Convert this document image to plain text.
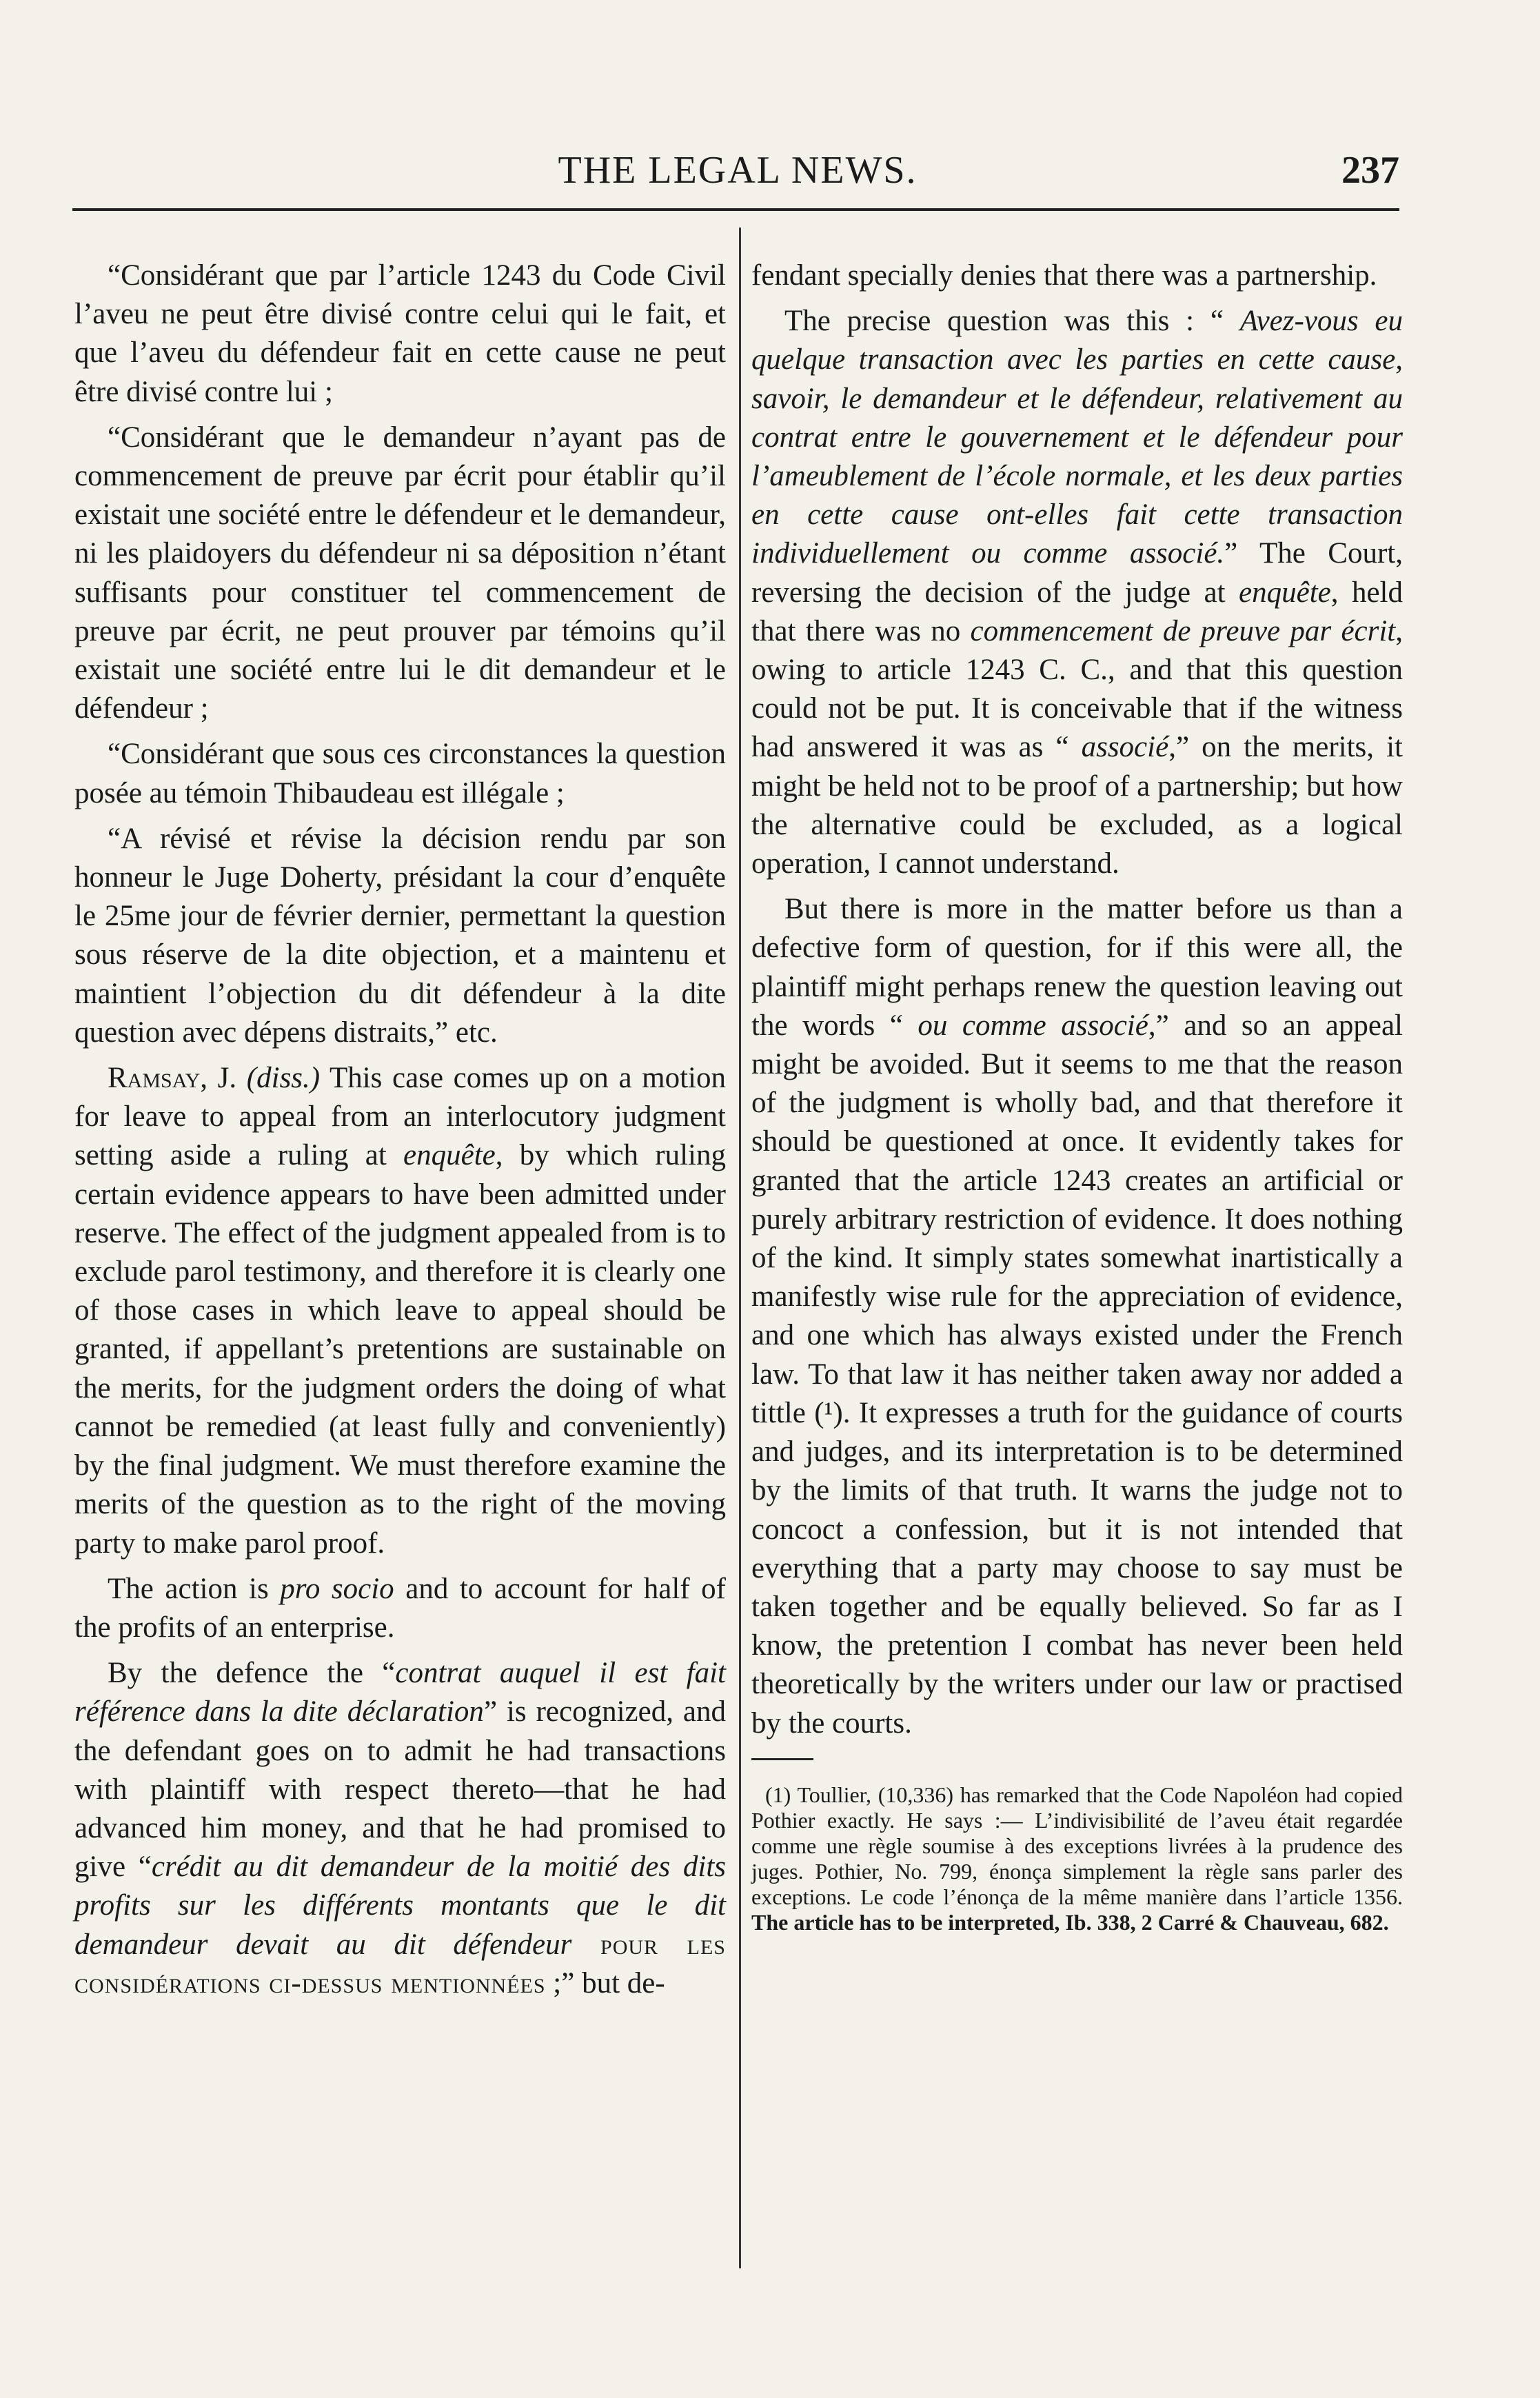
THE LEGAL NEWS.	237

“Considérant que par l’article 1243 du Code Civil l’aveu ne peut être divisé contre celui qui le fait, et que l’aveu du défendeur fait en cette cause ne peut être divisé contre lui ;

“Considérant que le demandeur n’ayant pas de commencement de preuve par écrit pour établir qu’il existait une société entre le défendeur et le demandeur, ni les plaidoyers du défendeur ni sa déposition n’étant suffisants pour constituer tel commencement de preuve par écrit, ne peut prouver par témoins qu’il existait une société entre lui le dit demandeur et le défendeur ;

“Considérant que sous ces circonstances la question posée au témoin Thibaudeau est illégale ;

“A révisé et révise la décision rendu par son honneur le Juge Doherty, présidant la cour d’enquête le 25me jour de février dernier, permettant la question sous réserve de la dite objection, et a maintenu et maintient l’objection du dit défendeur à la dite question avec dépens distraits,” etc.

Ramsay, J. (diss.) This case comes up on a motion for leave to appeal from an interlocutory judgment setting aside a ruling at enquête, by which ruling certain evidence appears to have been admitted under reserve. The effect of the judgment appealed from is to exclude parol testimony, and therefore it is clearly one of those cases in which leave to appeal should be granted, if appellant’s pretentions are sustainable on the merits, for the judgment orders the doing of what cannot be remedied (at least fully and conveniently) by the final judgment. We must therefore examine the merits of the question as to the right of the moving party to make parol proof.

The action is pro socio and to account for half of the profits of an enterprise.

By the defence the “contrat auquel il est fait référence dans la dite déclaration” is recognized, and the defendant goes on to admit he had transactions with plaintiff with respect thereto—that he had advanced him money, and that he had promised to give “crédit au dit demandeur de la moitié des dits profits sur les différents montants que le dit demandeur devait au dit défendeur pour les considérations ci-dessus mentionnées ;” but de-

fendant specially denies that there was a partnership.

The precise question was this : “ Avez-vous eu quelque transaction avec les parties en cette cause, savoir, le demandeur et le défendeur, relativement au contrat entre le gouvernement et le défendeur pour l’ameublement de l’école normale, et les deux parties en cette cause ont-elles fait cette transaction individuellement ou comme associé.” The Court, reversing the decision of the judge at enquête, held that there was no commencement de preuve par écrit, owing to article 1243 C. C., and that this question could not be put. It is conceivable that if the witness had answered it was as “ associé,” on the merits, it might be held not to be proof of a partnership; but how the alternative could be excluded, as a logical operation, I cannot understand.

But there is more in the matter before us than a defective form of question, for if this were all, the plaintiff might perhaps renew the question leaving out the words “ ou comme associé,” and so an appeal might be avoided. But it seems to me that the reason of the judgment is wholly bad, and that therefore it should be questioned at once. It evidently takes for granted that the article 1243 creates an artificial or purely arbitrary restriction of evidence. It does nothing of the kind. It simply states somewhat inartistically a manifestly wise rule for the appreciation of evidence, and one which has always existed under the French law. To that law it has neither taken away nor added a tittle (¹). It expresses a truth for the guidance of courts and judges, and its interpretation is to be determined by the limits of that truth. It warns the judge not to concoct a confession, but it is not intended that everything that a party may choose to say must be taken together and be equally believed. So far as I know, the pretention I combat has never been held theoretically by the writers under our law or practised by the courts.

(1) Toullier, (10,336) has remarked that the Code Napoléon had copied Pothier exactly. He says :— L’indivisibilité de l’aveu était regardée comme une règle soumise à des exceptions livrées à la prudence des juges. Pothier, No. 799, énonça simplement la règle sans parler des exceptions. Le code l’énonça de la même manière dans l’article 1356. The article has to be interpreted, Ib. 338, 2 Carré & Chauveau, 682.
